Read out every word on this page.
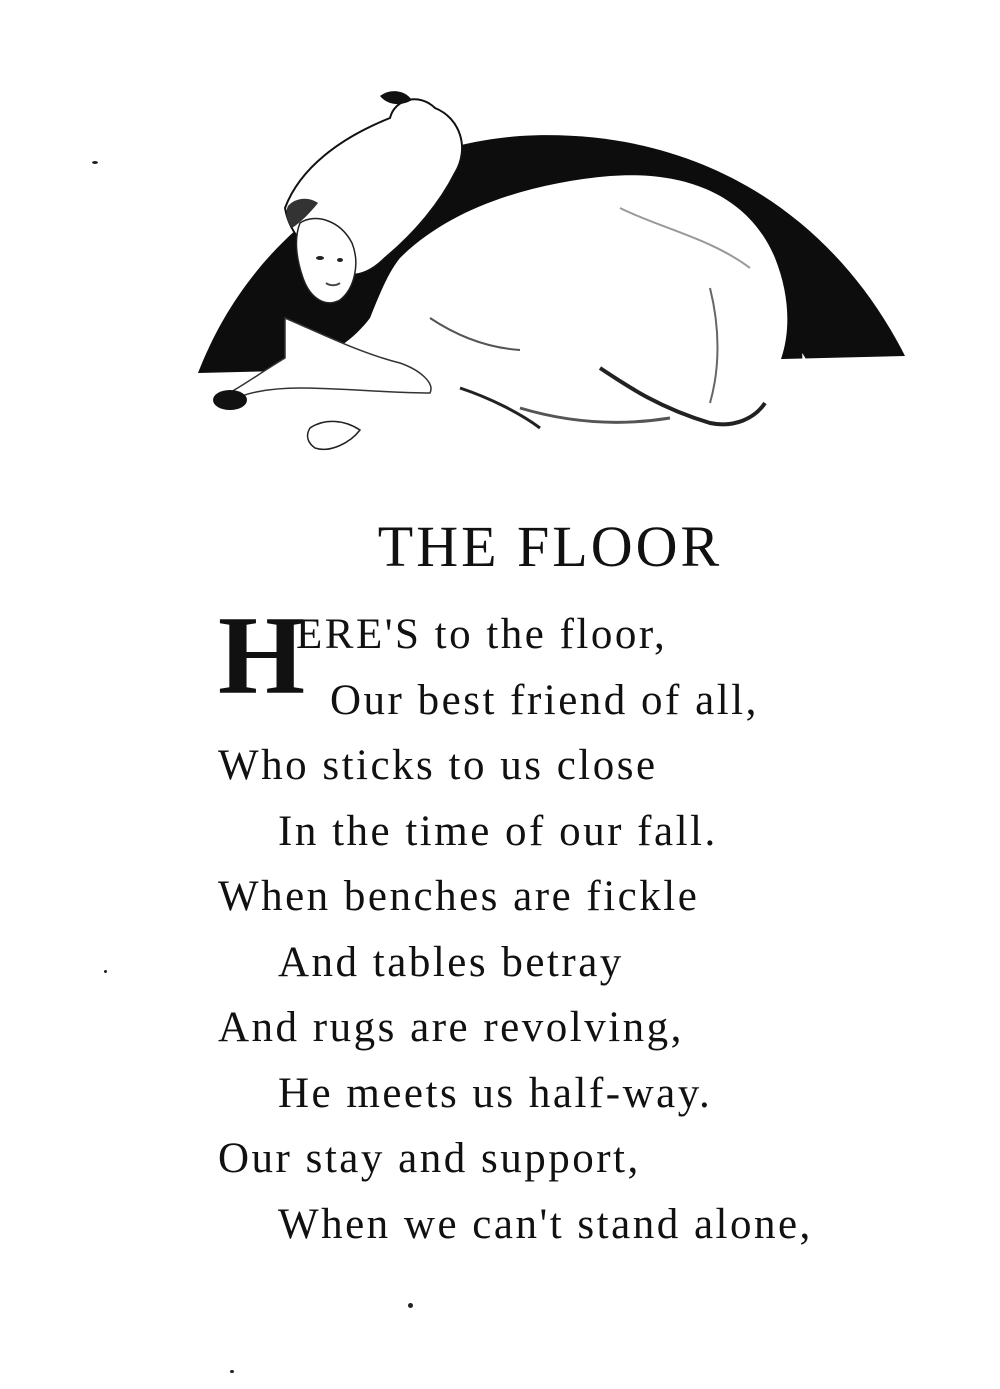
THE FLOOR
H
ERE'S to the floor,
Our best friend of all,
Who sticks to us close
In the time of our fall.
When benches are fickle
And tables betray
And rugs are revolving,
He meets us half-way.
Our stay and support,
When we can't stand alone,
